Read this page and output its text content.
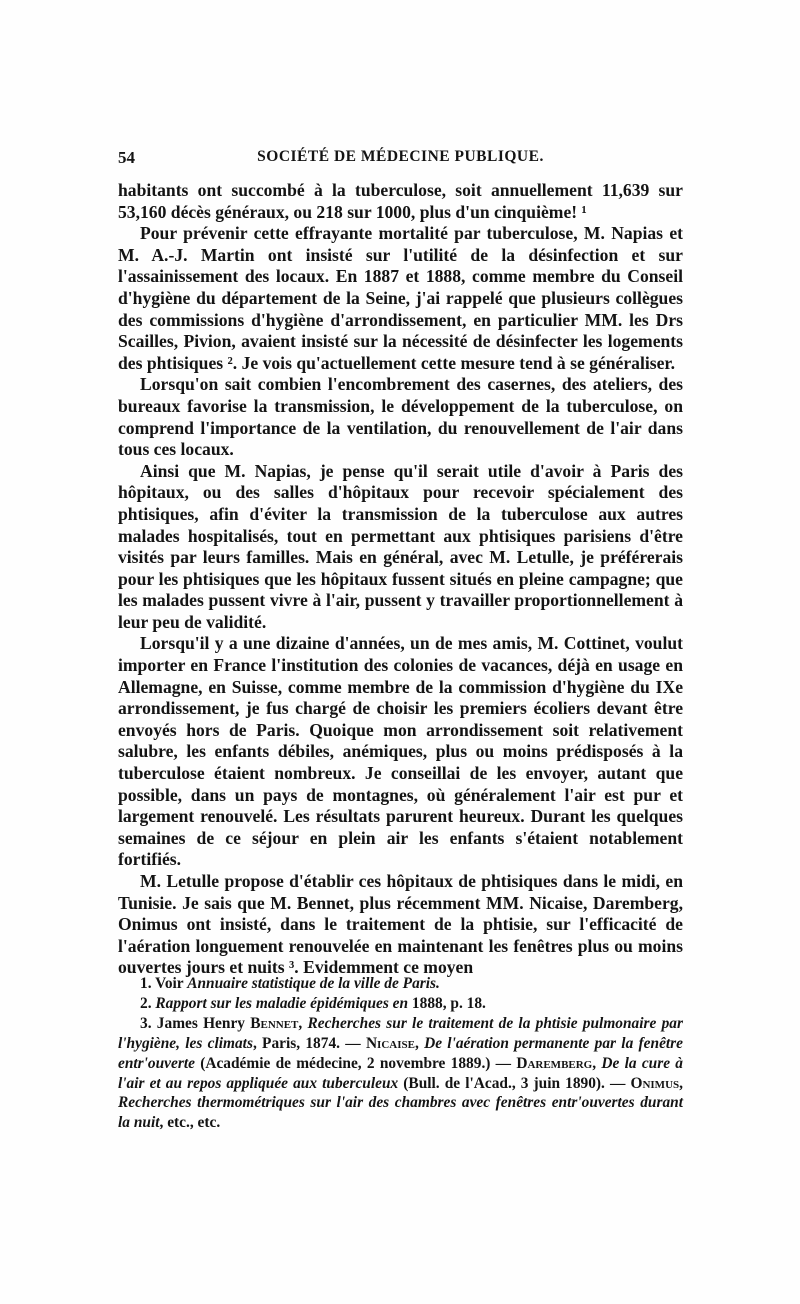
54	SOCIÉTÉ DE MÉDECINE PUBLIQUE.

habitants ont succombé à la tuberculose, soit annuellement 11,639 sur 53,160 décès généraux, ou 218 sur 1000, plus d'un cinquième! ¹

Pour prévenir cette effrayante mortalité par tuberculose, M. Napias et M. A.-J. Martin ont insisté sur l'utilité de la désinfection et sur l'assainissement des locaux. En 1887 et 1888, comme membre du Conseil d'hygiène du département de la Seine, j'ai rappelé que plusieurs collègues des commissions d'hygiène d'arrondissement, en particulier MM. les Drs Scailles, Pivion, avaient insisté sur la nécessité de désinfecter les logements des phtisiques ². Je vois qu'actuellement cette mesure tend à se généraliser.

Lorsqu'on sait combien l'encombrement des casernes, des ateliers, des bureaux favorise la transmission, le développement de la tuberculose, on comprend l'importance de la ventilation, du renouvellement de l'air dans tous ces locaux.

Ainsi que M. Napias, je pense qu'il serait utile d'avoir à Paris des hôpitaux, ou des salles d'hôpitaux pour recevoir spécialement des phtisiques, afin d'éviter la transmission de la tuberculose aux autres malades hospitalisés, tout en permettant aux phtisiques parisiens d'être visités par leurs familles. Mais en général, avec M. Letulle, je préférerais pour les phtisiques que les hôpitaux fussent situés en pleine campagne; que les malades pussent vivre à l'air, pussent y travailler proportionnellement à leur peu de validité.

Lorsqu'il y a une dizaine d'années, un de mes amis, M. Cottinet, voulut importer en France l'institution des colonies de vacances, déjà en usage en Allemagne, en Suisse, comme membre de la commission d'hygiène du IXe arrondissement, je fus chargé de choisir les premiers écoliers devant être envoyés hors de Paris. Quoique mon arrondissement soit relativement salubre, les enfants débiles, anémiques, plus ou moins prédisposés à la tuberculose étaient nombreux. Je conseillai de les envoyer, autant que possible, dans un pays de montagnes, où généralement l'air est pur et largement renouvelé. Les résultats parurent heureux. Durant les quelques semaines de ce séjour en plein air les enfants s'étaient notablement fortifiés.

M. Letulle propose d'établir ces hôpitaux de phtisiques dans le midi, en Tunisie. Je sais que M. Bennet, plus récemment MM. Nicaise, Daremberg, Onimus ont insisté, dans le traitement de la phtisie, sur l'efficacité de l'aération longuement renouvelée en maintenant les fenêtres plus ou moins ouvertes jours et nuits ³. Evidemment ce moyen

1. Voir Annuaire statistique de la ville de Paris.

2. Rapport sur les maladie épidémiques en 1888, p. 18.

3. James Henry Bennet, Recherches sur le traitement de la phtisie pulmonaire par l'hygiène, les climats, Paris, 1874. — Nicaise, De l'aération permanente par la fenêtre entr'ouverte (Académie de médecine, 2 novembre 1889.) — Daremberg, De la cure à l'air et au repos appliquée aux tuberculeux (Bull. de l'Acad., 3 juin 1890). — Onimus, Recherches thermométriques sur l'air des chambres avec fenêtres entr'ouvertes durant la nuit, etc., etc.
